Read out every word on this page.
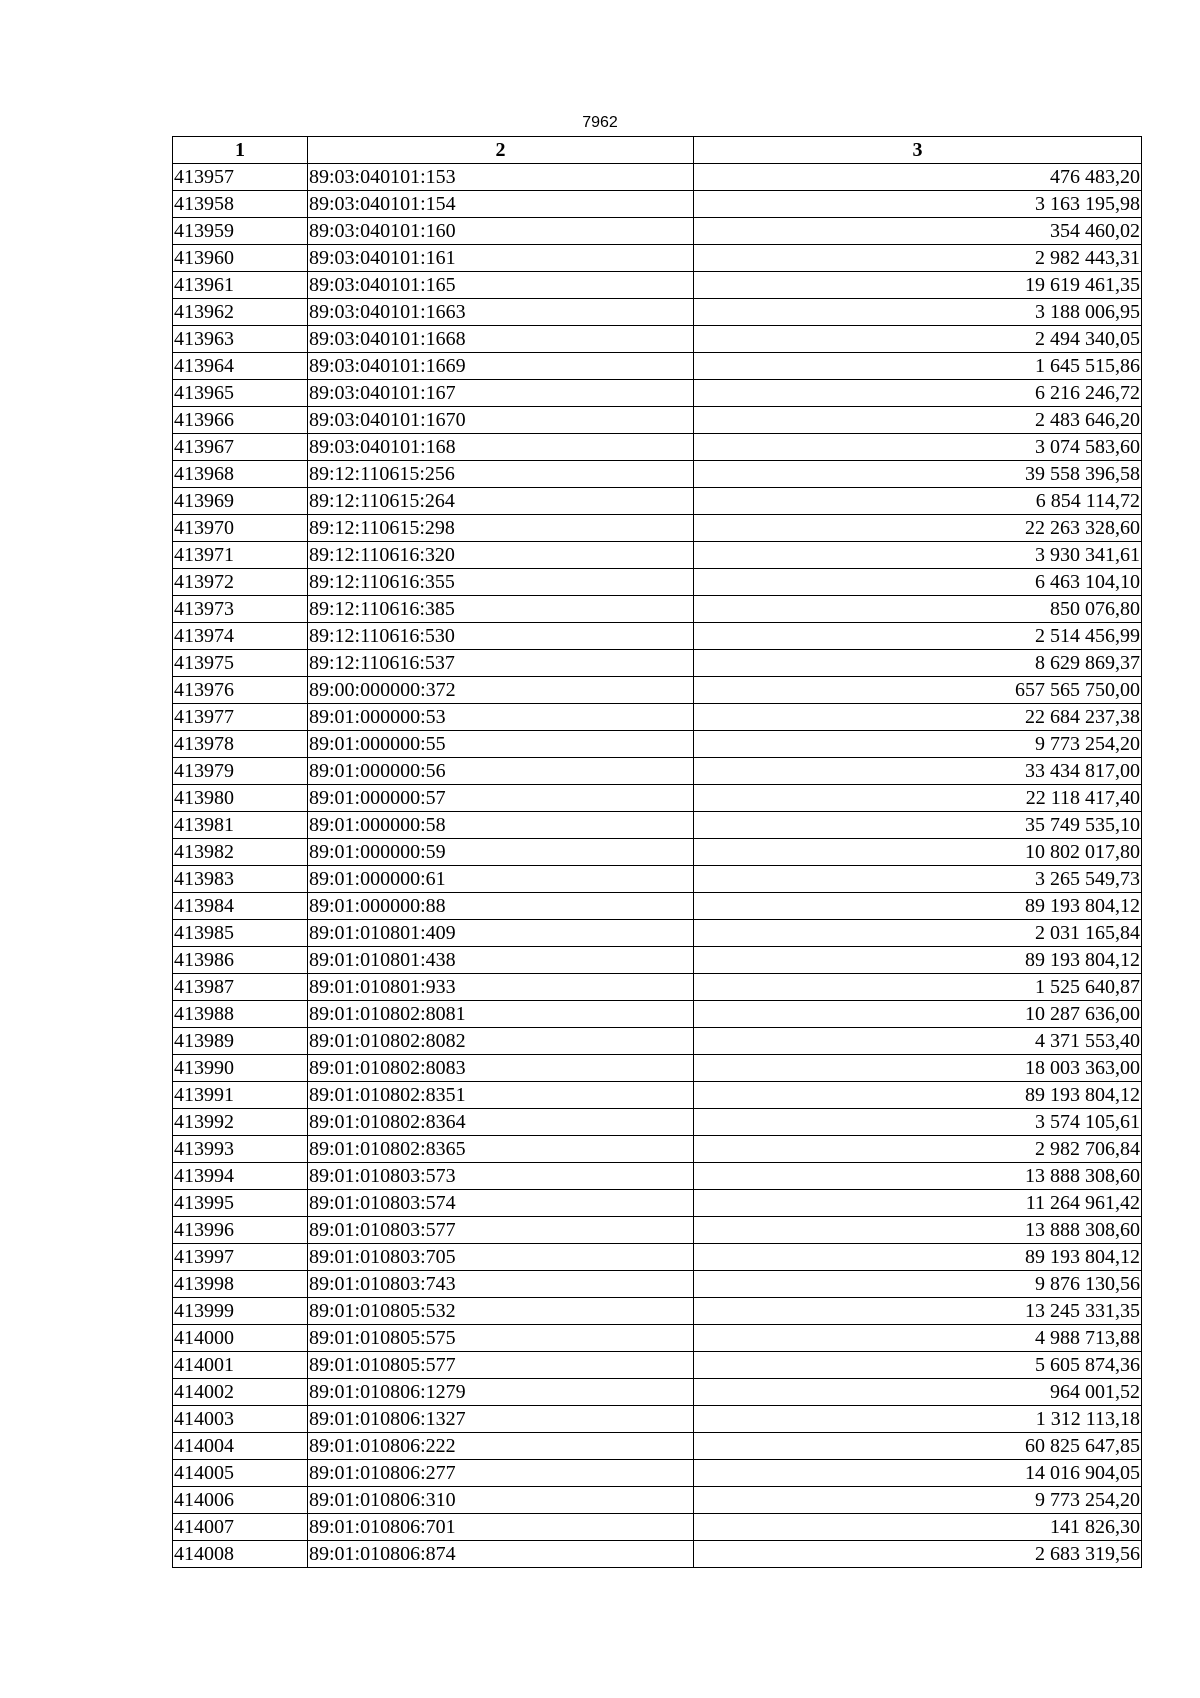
7962
1	2	3
413957	89:03:040101:153	476 483,20
413958	89:03:040101:154	3 163 195,98
413959	89:03:040101:160	354 460,02
413960	89:03:040101:161	2 982 443,31
413961	89:03:040101:165	19 619 461,35
413962	89:03:040101:1663	3 188 006,95
413963	89:03:040101:1668	2 494 340,05
413964	89:03:040101:1669	1 645 515,86
413965	89:03:040101:167	6 216 246,72
413966	89:03:040101:1670	2 483 646,20
413967	89:03:040101:168	3 074 583,60
413968	89:12:110615:256	39 558 396,58
413969	89:12:110615:264	6 854 114,72
413970	89:12:110615:298	22 263 328,60
413971	89:12:110616:320	3 930 341,61
413972	89:12:110616:355	6 463 104,10
413973	89:12:110616:385	850 076,80
413974	89:12:110616:530	2 514 456,99
413975	89:12:110616:537	8 629 869,37
413976	89:00:000000:372	657 565 750,00
413977	89:01:000000:53	22 684 237,38
413978	89:01:000000:55	9 773 254,20
413979	89:01:000000:56	33 434 817,00
413980	89:01:000000:57	22 118 417,40
413981	89:01:000000:58	35 749 535,10
413982	89:01:000000:59	10 802 017,80
413983	89:01:000000:61	3 265 549,73
413984	89:01:000000:88	89 193 804,12
413985	89:01:010801:409	2 031 165,84
413986	89:01:010801:438	89 193 804,12
413987	89:01:010801:933	1 525 640,87
413988	89:01:010802:8081	10 287 636,00
413989	89:01:010802:8082	4 371 553,40
413990	89:01:010802:8083	18 003 363,00
413991	89:01:010802:8351	89 193 804,12
413992	89:01:010802:8364	3 574 105,61
413993	89:01:010802:8365	2 982 706,84
413994	89:01:010803:573	13 888 308,60
413995	89:01:010803:574	11 264 961,42
413996	89:01:010803:577	13 888 308,60
413997	89:01:010803:705	89 193 804,12
413998	89:01:010803:743	9 876 130,56
413999	89:01:010805:532	13 245 331,35
414000	89:01:010805:575	4 988 713,88
414001	89:01:010805:577	5 605 874,36
414002	89:01:010806:1279	964 001,52
414003	89:01:010806:1327	1 312 113,18
414004	89:01:010806:222	60 825 647,85
414005	89:01:010806:277	14 016 904,05
414006	89:01:010806:310	9 773 254,20
414007	89:01:010806:701	141 826,30
414008	89:01:010806:874	2 683 319,56
